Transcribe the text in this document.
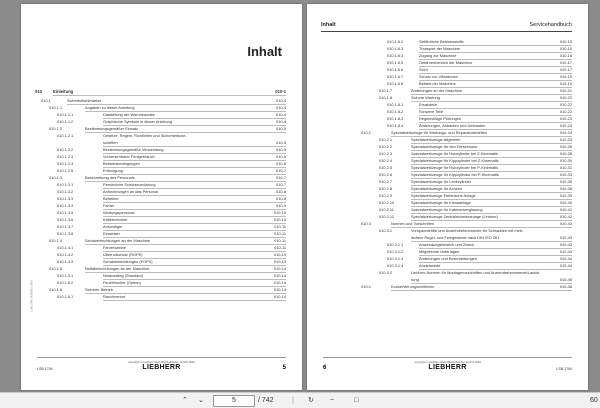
Inhalt
010	Einleitung	010-1
010.1	Sicherheitshinweise	010-4
010.1.1	Angaben zu dieser Anleitung	010-4
010.1.1.1	Darstellung der Warnhinweise	010-4
010.1.1.2	Graphische Symbole in dieser Anleitung	010-4
010.1.2	Bestimmungsgemäßer Einsatz	010-5
010.1.2.1	Gesetze, Regeln, Richtlinien und Sicherheitsvor-
schriften	010-5
010.1.2.2	Bestimmungsgemäße Verwendung	010-5
010.1.2.3	Vorhersehbarer Fehlgebrauch	010-6
010.1.2.4	Betriebsbedingungen	010-6
010.1.2.5	Entsorgung	010-7
010.1.3	Beschreibung des Personals	010-7
010.1.3.1	Persönliche Schutzausrüstung	010-7
010.1.3.2	Anforderungen an das Personal	010-8
010.1.3.3	Betreiber	010-8
010.1.3.4	Fahrer	010-9
010.1.3.5	Wartungspersonal	010-10
010.1.3.6	Kältetechniker	010-10
010.1.3.7	Anschläger	010-11
010.1.3.8	Einweiser	010-11
010.1.4	Schutzeinrichtungen an der Maschine	010-11
010.1.4.1	Fahrerkabine	010-11
010.1.4.2	Überrollschutz (ROPS)	010-13
010.1.4.3	Schutzeinrichtungen (FOPS)	010-13
010.1.5	Notfalleinrichtungen an der Maschine	010-14
010.1.5.1	Notausstieg (Standard)	010-14
010.1.5.2	Feuerlöscher (Option)	010-14
010.1.6	Sicherer Betrieb	010-14
010.1.6.1	Rauchverbot	010-14
LSB-1794 / 2020/06 / 1000
copyright © Liebherr-Werk Bischofshofen GmbH 2020
LIEBHERR
LSB-1794	5
Inhalt	Servicehandbuch
010.1.6.2	Gefährliche Betriebsstoffe	010-15
010.1.6.3	Transport der Maschine	010-15
010.1.6.4	Zugang zur Maschine	010-16
010.1.6.5	Gefahrenbereich der Maschine	010-17
010.1.6.6	Sicht	010-17
010.1.6.7	Schutz vor Vibrationen	010-19
010.1.6.8	Betrieb der Maschine	010-19
010.1.7	Änderungen an der Maschine	010-21
010.1.8	Sichere Wartung	010-22
010.1.8.1	Ersatzteile	010-22
010.1.8.2	Schwere Teile	010-22
010.1.8.3	Regelmäßige Prüfungen	010-23
010.1.8.4	Änderungen, Anbauten und Umbauten	010-23
010.2	Spezialwerkzeuge für Wartungs- und Reparaturarbeiten	010-24
010.2.1	Spezialwerkzeuge allgemein	010-24
010.2.2	Spezialwerkzeuge für den Dieselmotor	010-26
010.2.3	Spezialwerkzeuge für Hubzylinder bei Z-Kinematik	010-28
010.2.4	Spezialwerkzeuge für Kippzylinder bei Z-Kinematik	010-30
010.2.5	Spezialwerkzeuge für Hubzylinder bei P-Kinematik	010-31
010.2.6	Spezialwerkzeuge für Kippzylinder bei P-Kinematik	010-33
010.2.7	Spezialwerkzeuge für Lenkzylinder	010-35
010.2.8	Spezialwerkzeuge für Achsen	010-36
010.2.9	Spezialwerkzeuge Elektrische Anlage	010-39
010.2.10	Spezialwerkzeuge für Klimaanlage	010-40
010.2.11	Spezialwerkzeuge für Kabinenverglasung	010-41
010.2.12	Spezialwerkzeuge Zentralschmieranlage (Lintrom)	010-42
010.3	Normen und Vorschriften	010-43
010.3.1	Vorspannkräfte und Anziehdrehmomente für Schrauben mit metr-
ischem Regel- und Feingewinde nach DIN ISO 261	010-43
010.3.1.1	Anwendungsbereich und Zweck	010-43
010.3.1.2	Mitgeltende Unterlagen	010-43
010.3.1.3	Änderungen und Beschreibungen	010-44
010.3.1.4	Anziehwerte	010-44
010.3.2	Liebherr-Normen für Montagevorschriften und Anziehdrehmomente/Lackie-
rung	010-45
010.4	Konservierungsrichtlinien	010-46
copyright © Liebherr-Werk Bischofshofen GmbH 2020
LIEBHERR	LSB-1794
6
⌃ ⌄	5	/ 742	| ↻ −	□	60
